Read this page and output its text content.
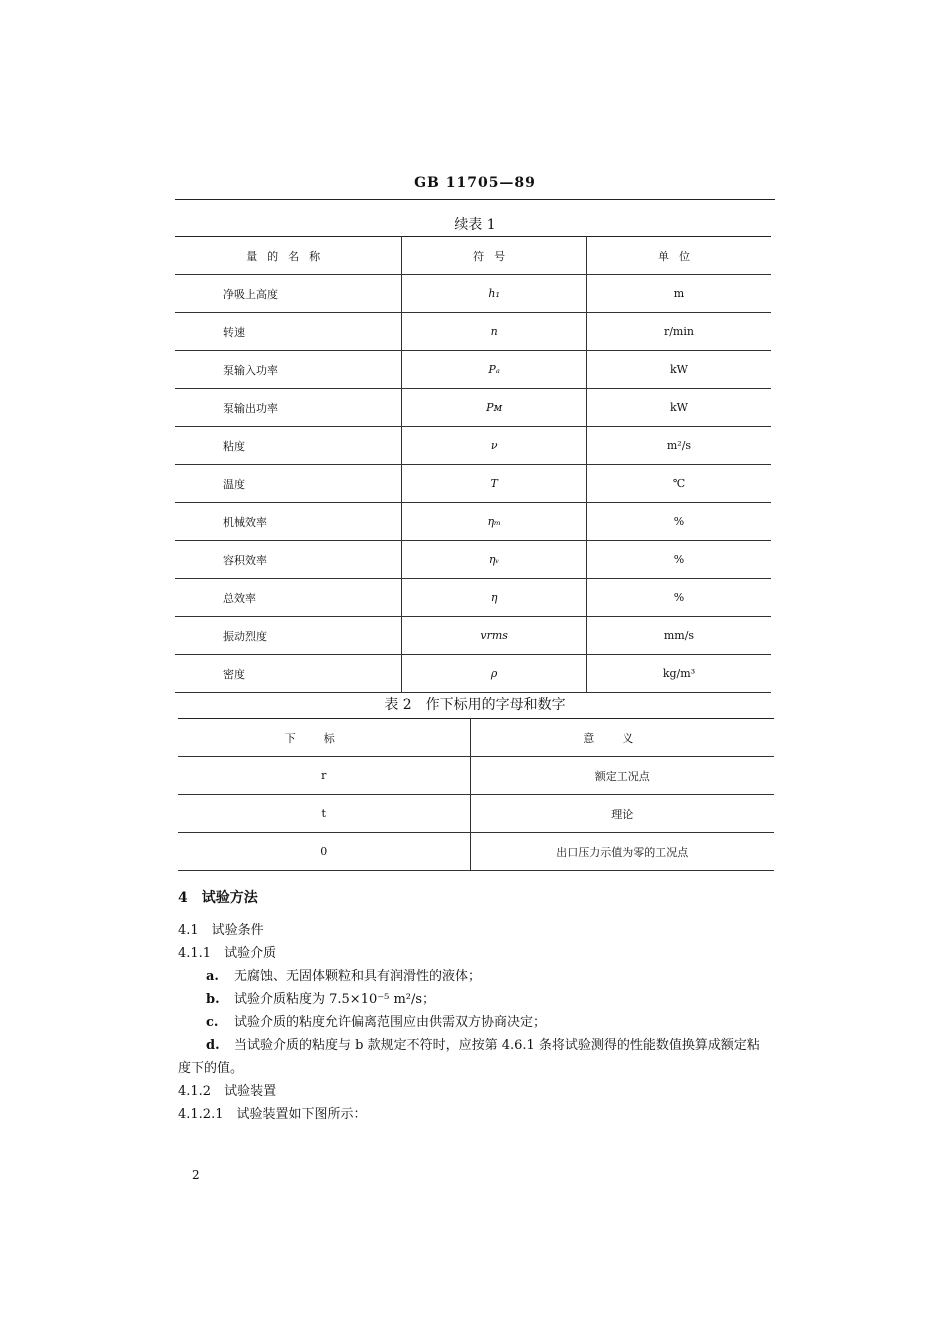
GB 11705—89
续表 1
量的名称	符号	单位
净吸上高度	h₁	m
转速	n	r/min
泵输入功率	Pₐ	kW
泵输出功率	Pᴍ	kW
粘度	ν	m²/s
温度	T	℃
机械效率	ηₘ	%
容积效率	ηᵥ	%
总效率	η	%
振动烈度	vrms	mm/s
密度	ρ	kg/m³
表 2　作下标用的字母和数字
下标	意义
r	额定工况点
t	理论
0	出口压力示值为零的工况点
4　试验方法
4.1　试验条件
4.1.1　试验介质
a. 无腐蚀、无固体颗粒和具有润滑性的液体；
b. 试验介质粘度为 7.5×10⁻⁵ m²/s；
c. 试验介质的粘度允许偏离范围应由供需双方协商决定；
d. 当试验介质的粘度与 b 款规定不符时，应按第 4.6.1 条将试验测得的性能数值换算成额定粘
度下的值。
4.1.2　试验装置
4.1.2.1　试验装置如下图所示：
2
